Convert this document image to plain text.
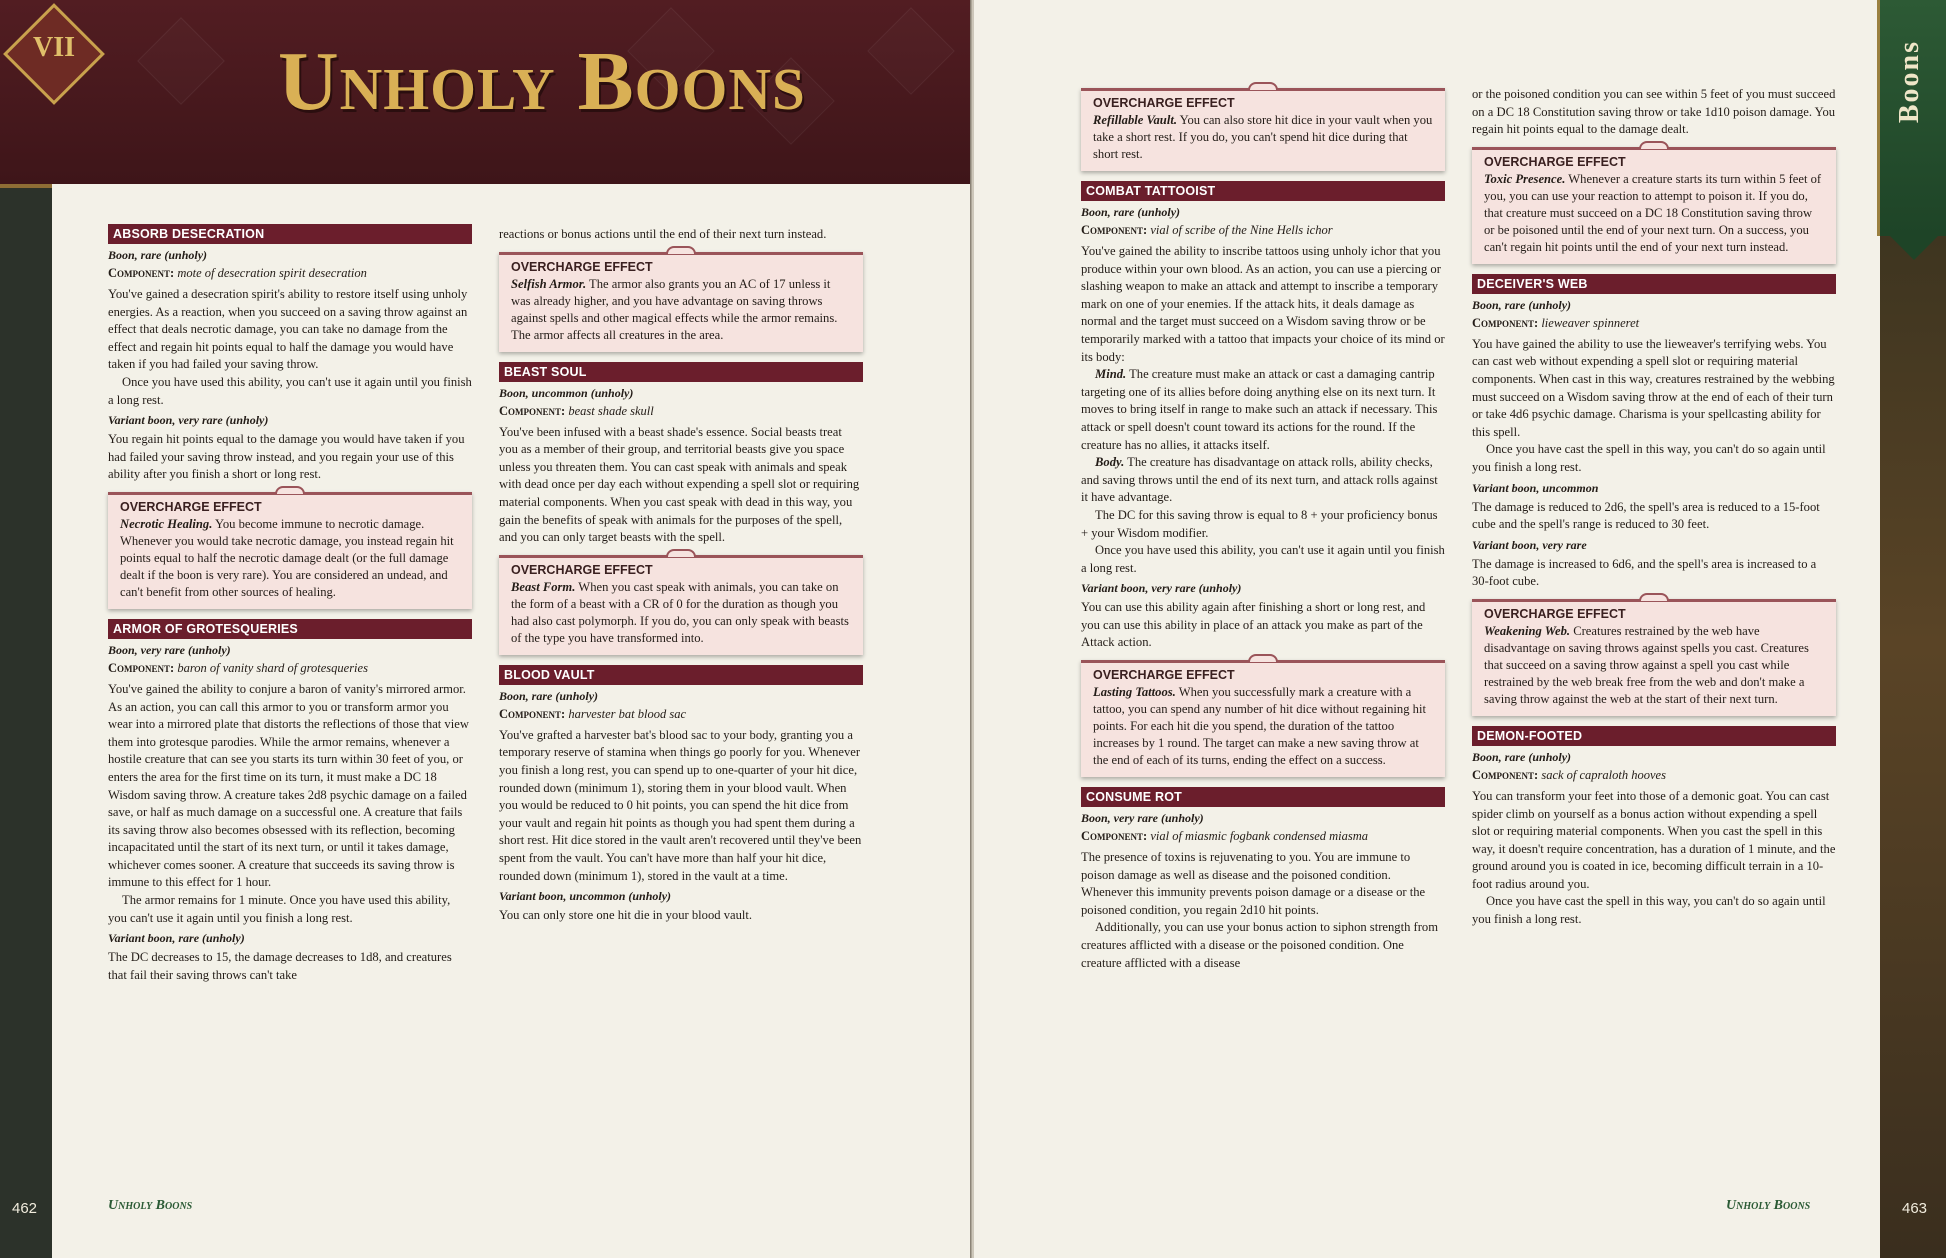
VII Unholy Boons
ABSORB DESECRATION
Boon, rare (unholy)
Component: mote of desecration spirit desecration

You've gained a desecration spirit's ability to restore itself using unholy energies. As a reaction, when you succeed on a saving throw against an effect that deals necrotic damage, you can take no damage from the effect and regain hit points equal to half the damage you would have taken if you had failed your saving throw.

Once you have used this ability, you can't use it again until you finish a long rest.

Variant boon, very rare (unholy)

You regain hit points equal to the damage you would have taken if you had failed your saving throw instead, and you regain your use of this ability after you finish a short or long rest.

OVERCHARGE EFFECT

Necrotic Healing. You become immune to necrotic damage. Whenever you would take necrotic damage, you instead regain hit points equal to half the necrotic damage dealt (or the full damage dealt if the boon is very rare). You are considered an undead, and can't benefit from other sources of healing.

ARMOR OF GROTESQUERIES
Boon, very rare (unholy)
Component: baron of vanity shard of grotesqueries

You've gained the ability to conjure a baron of vanity's mirrored armor. As an action, you can call this armor to you or transform armor you wear into a mirrored plate that distorts the reflections of those that view them into grotesque parodies. While the armor remains, whenever a hostile creature that can see you starts its turn within 30 feet of you, or enters the area for the first time on its turn, it must make a DC 18 Wisdom saving throw. A creature takes 2d8 psychic damage on a failed save, or half as much damage on a successful one. A creature that fails its saving throw also becomes obsessed with its reflection, becoming incapacitated until the start of its next turn, or until it takes damage, whichever comes sooner. A creature that succeeds its saving throw is immune to this effect for 1 hour.

The armor remains for 1 minute. Once you have used this ability, you can't use it again until you finish a long rest.

Variant boon, rare (unholy)

The DC decreases to 15, the damage decreases to 1d8, and creatures that fail their saving throws can't take

reactions or bonus actions until the end of their next turn instead.

OVERCHARGE EFFECT

Selfish Armor. The armor also grants you an AC of 17 unless it was already higher, and you have advantage on saving throws against spells and other magical effects while the armor remains. The armor affects all creatures in the area.

BEAST SOUL
Boon, uncommon (unholy)
Component: beast shade skull

You've been infused with a beast shade's essence. Social beasts treat you as a member of their group, and territorial beasts give you space unless you threaten them. You can cast speak with animals and speak with dead once per day each without expending a spell slot or requiring material components. When you cast speak with dead in this way, you gain the benefits of speak with animals for the purposes of the spell, and you can only target beasts with the spell.

OVERCHARGE EFFECT

Beast Form. When you cast speak with animals, you can take on the form of a beast with a CR of 0 for the duration as though you had also cast polymorph. If you do, you can only speak with beasts of the type you have transformed into.

BLOOD VAULT
Boon, rare (unholy)
Component: harvester bat blood sac

You've grafted a harvester bat's blood sac to your body, granting you a temporary reserve of stamina when things go poorly for you. Whenever you finish a long rest, you can spend up to one-quarter of your hit dice, rounded down (minimum 1), storing them in your blood vault. When you would be reduced to 0 hit points, you can spend the hit dice from your vault and regain hit points as though you had spent them during a short rest. Hit dice stored in the vault aren't recovered until they've been spent from the vault. You can't have more than half your hit dice, rounded down (minimum 1), stored in the vault at a time.

Variant boon, uncommon (unholy)

You can only store one hit die in your blood vault.

462	Unholy Boons
Boons
OVERCHARGE EFFECT

Refillable Vault. You can also store hit dice in your vault when you take a short rest. If you do, you can't spend hit dice during that short rest.

COMBAT TATTOOIST
Boon, rare (unholy)
Component: vial of scribe of the Nine Hells ichor

You've gained the ability to inscribe tattoos using unholy ichor that you produce within your own blood. As an action, you can use a piercing or slashing weapon to make an attack and attempt to inscribe a temporary mark on one of your enemies. If the attack hits, it deals damage as normal and the target must succeed on a Wisdom saving throw or be temporarily marked with a tattoo that impacts your choice of its mind or its body:

Mind. The creature must make an attack or cast a damaging cantrip targeting one of its allies before doing anything else on its next turn. It moves to bring itself in range to make such an attack if necessary. This attack or spell doesn't count toward its actions for the round. If the creature has no allies, it attacks itself.

Body. The creature has disadvantage on attack rolls, ability checks, and saving throws until the end of its next turn, and attack rolls against it have advantage.

The DC for this saving throw is equal to 8 + your proficiency bonus + your Wisdom modifier.

Once you have used this ability, you can't use it again until you finish a long rest.

Variant boon, very rare (unholy)

You can use this ability again after finishing a short or long rest, and you can use this ability in place of an attack you make as part of the Attack action.

OVERCHARGE EFFECT

Lasting Tattoos. When you successfully mark a creature with a tattoo, you can spend any number of hit dice without regaining hit points. For each hit die you spend, the duration of the tattoo increases by 1 round. The target can make a new saving throw at the end of each of its turns, ending the effect on a success.

CONSUME ROT
Boon, very rare (unholy)
Component: vial of miasmic fogbank condensed miasma

The presence of toxins is rejuvenating to you. You are immune to poison damage as well as disease and the poisoned condition. Whenever this immunity prevents poison damage or a disease or the poisoned condition, you regain 2d10 hit points.

Additionally, you can use your bonus action to siphon strength from creatures afflicted with a disease or the poisoned condition. One creature afflicted with a disease

or the poisoned condition you can see within 5 feet of you must succeed on a DC 18 Constitution saving throw or take 1d10 poison damage. You regain hit points equal to the damage dealt.

OVERCHARGE EFFECT

Toxic Presence. Whenever a creature starts its turn within 5 feet of you, you can use your reaction to attempt to poison it. If you do, that creature must succeed on a DC 18 Constitution saving throw or be poisoned until the end of your next turn. On a success, you can't regain hit points until the end of your next turn instead.

DECEIVER'S WEB
Boon, rare (unholy)
Component: lieweaver spinneret

You have gained the ability to use the lieweaver's terrifying webs. You can cast web without expending a spell slot or requiring material components. When cast in this way, creatures restrained by the webbing must succeed on a Wisdom saving throw at the end of each of their turn or take 4d6 psychic damage. Charisma is your spellcasting ability for this spell.

Once you have cast the spell in this way, you can't do so again until you finish a long rest.

Variant boon, uncommon

The damage is reduced to 2d6, the spell's area is reduced to a 15-foot cube and the spell's range is reduced to 30 feet.

Variant boon, very rare

The damage is increased to 6d6, and the spell's area is increased to a 30-foot cube.

OVERCHARGE EFFECT

Weakening Web. Creatures restrained by the web have disadvantage on saving throws against spells you cast. Creatures that succeed on a saving throw against a spell you cast while restrained by the web break free from the web and don't make a saving throw against the web at the start of their next turn.

DEMON-FOOTED
Boon, rare (unholy)
Component: sack of capraloth hooves

You can transform your feet into those of a demonic goat. You can cast spider climb on yourself as a bonus action without expending a spell slot or requiring material components. When you cast the spell in this way, it doesn't require concentration, has a duration of 1 minute, and the ground around you is coated in ice, becoming difficult terrain in a 10-foot radius around you.

Once you have cast the spell in this way, you can't do so again until you finish a long rest.

Unholy Boons	463
